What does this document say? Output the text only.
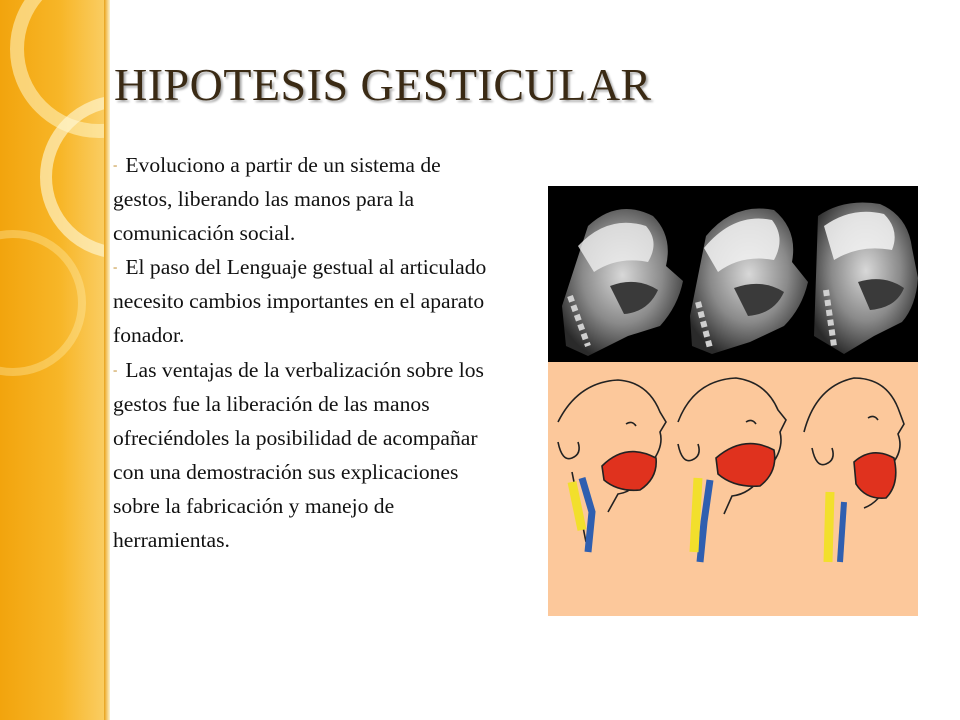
HIPOTESIS GESTICULAR

- Evoluciono a partir de un sistema de gestos, liberando las manos para la comunicación social.

- El paso del Lenguaje gestual al articulado necesito cambios importantes en el aparato fonador.

- Las ventajas de la verbalización sobre los gestos fue la liberación de las manos ofreciéndoles la posibilidad de acompañar con una demostración sus explicaciones sobre la fabricación y manejo de herramientas.
